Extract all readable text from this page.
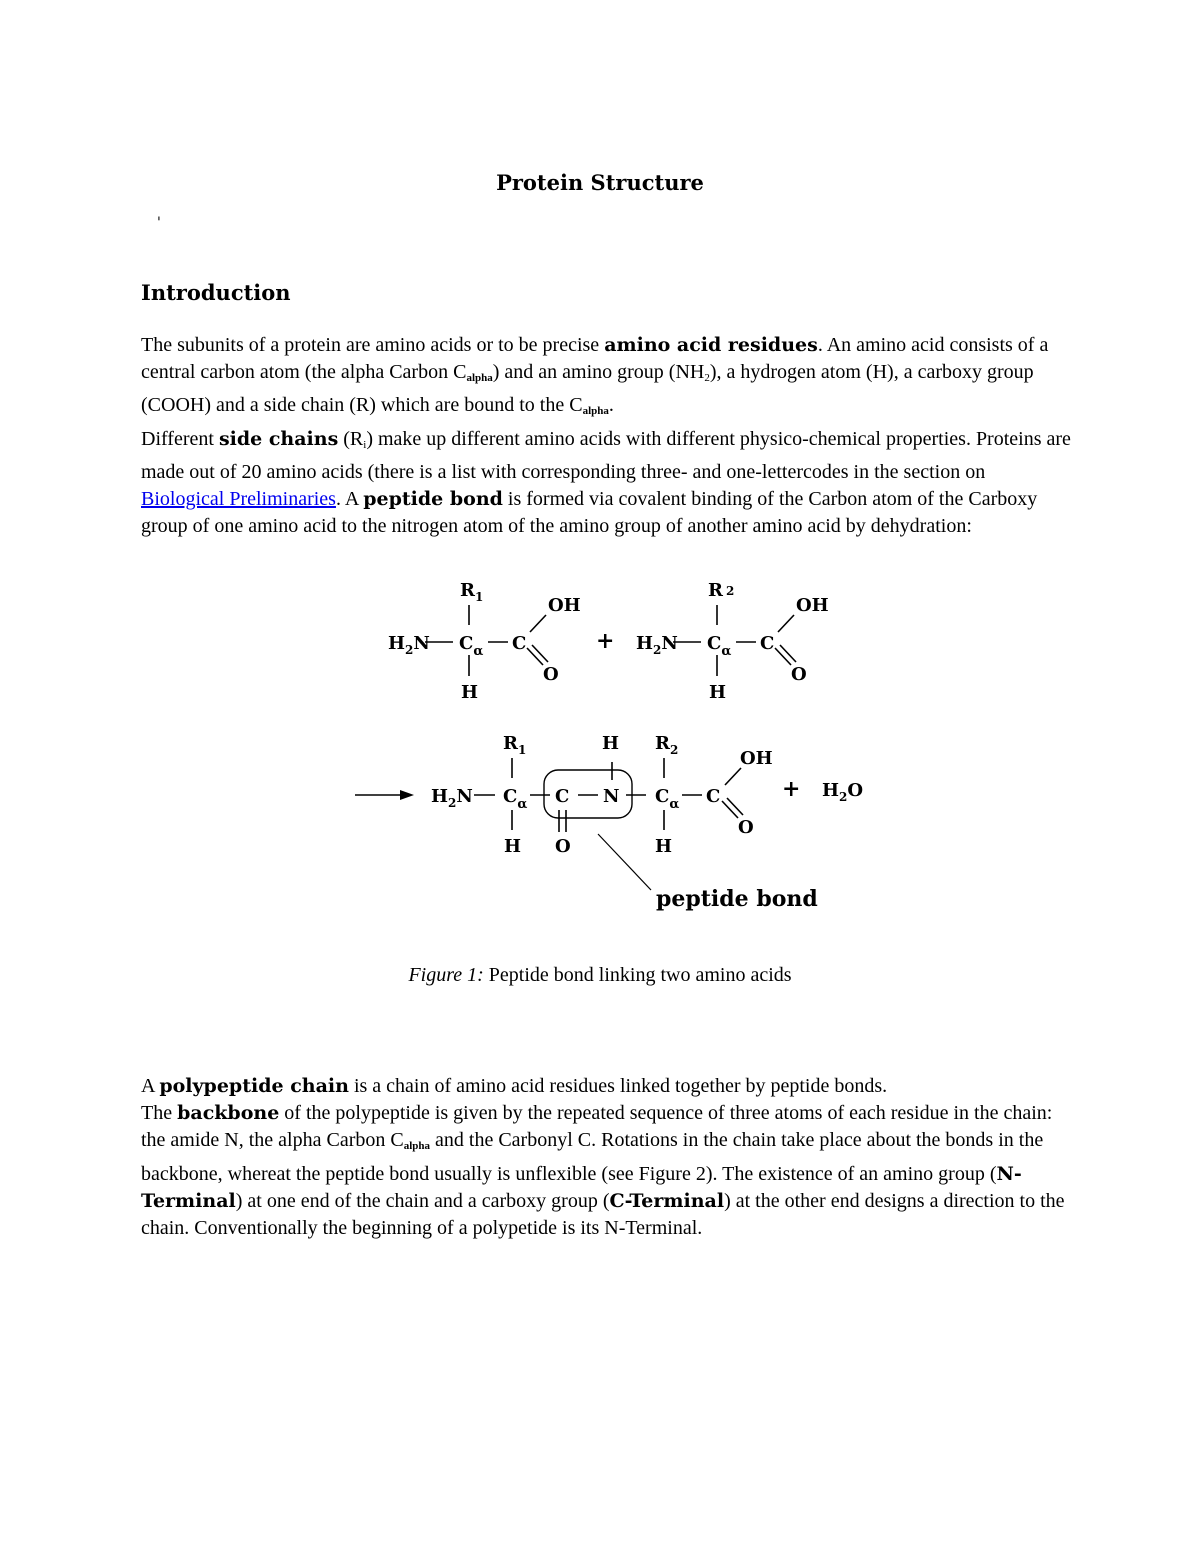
Protein Structure
'
Introduction
The subunits of a protein are amino acids or to be precise amino acid residues. An amino acid consists of a central carbon atom (the alpha Carbon $C_{alpha}$) and an amino group (NH2), a hydrogen atom (H), a carboxy group (COOH) and a side chain (R) which are bound to the $C_{alpha}$.
Different side chains (Ri) make up different amino acids with different physico-chemical properties. Proteins are made out of 20 amino acids (there is a list with corresponding three- and one-lettercodes in the section on Biological Preliminaries. A peptide bond is formed via covalent binding of the Carbon atom of the Carboxy group of one amino acid to the nitrogen atom of the amino group of another amino acid by dehydration:
$R_1$	OH
$H_2N$ $C_\alpha$ C
O
H
+
R 2
OH
$H_2N$ $C_\alpha$ C
O
H
$R_1$	H $R_2$	OH
$H_2N$ $C_\alpha$ C N $C_\alpha$ C
O
H O	H
+ $H_2O$
peptide bond
Figure 1: Peptide bond linking two amino acids
A polypeptide chain is a chain of amino acid residues linked together by peptide bonds.
The backbone of the polypeptide is given by the repeated sequence of three atoms of each residue in the chain: the amide N, the alpha Carbon $C_{alpha}$ and the Carbonyl C. Rotations in the chain take place about the bonds in the backbone, whereat the peptide bond usually is unflexible (see Figure 2). The existence of an amino group (N-Terminal) at one end of the chain and a carboxy group (C-Terminal) at the other end designs a direction to the chain. Conventionally the beginning of a polypetide is its N-Terminal.
